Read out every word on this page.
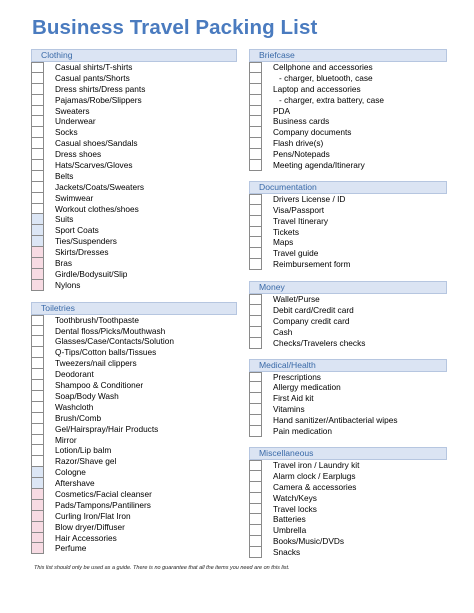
Business Travel Packing List
Clothing
Casual shirts/T-shirts
Casual pants/Shorts
Dress shirts/Dress pants
Pajamas/Robe/Slippers
Sweaters
Underwear
Socks
Casual shoes/Sandals
Dress shoes
Hats/Scarves/Gloves
Belts
Jackets/Coats/Sweaters
Swimwear
Workout clothes/shoes
Suits
Sport Coats
Ties/Suspenders
Skirts/Dresses
Bras
Girdle/Bodysuit/Slip
Nylons
Toiletries
Toothbrush/Toothpaste
Dental floss/Picks/Mouthwash
Glasses/Case/Contacts/Solution
Q-Tips/Cotton balls/Tissues
Tweezers/nail clippers
Deodorant
Shampoo & Conditioner
Soap/Body Wash
Washcloth
Brush/Comb
Gel/Hairspray/Hair Products
Mirror
Lotion/Lip balm
Razor/Shave gel
Cologne
Aftershave
Cosmetics/Facial cleanser
Pads/Tampons/Pantiliners
Curling Iron/Flat Iron
Blow dryer/Diffuser
Hair Accessories
Perfume
Briefcase
Cellphone and accessories
- charger, bluetooth, case
Laptop and accessories
- charger, extra battery, case
PDA
Business cards
Company documents
Flash drive(s)
Pens/Notepads
Meeting agenda/Itinerary
Documentation
Drivers License / ID
Visa/Passport
Travel Itinerary
Tickets
Maps
Travel guide
Reimbursement form
Money
Wallet/Purse
Debit card/Credit card
Company credit card
Cash
Checks/Travelers checks
Medical/Health
Prescriptions
Allergy medication
First Aid kit
Vitamins
Hand sanitizer/Antibacterial wipes
Pain medication
Miscellaneous
Travel iron / Laundry kit
Alarm clock / Earplugs
Camera & accessories
Watch/Keys
Travel locks
Batteries
Umbrella
Books/Music/DVDs
Snacks
This list should only be used as a guide. There is no guarantee that all the items you need are on this list.
